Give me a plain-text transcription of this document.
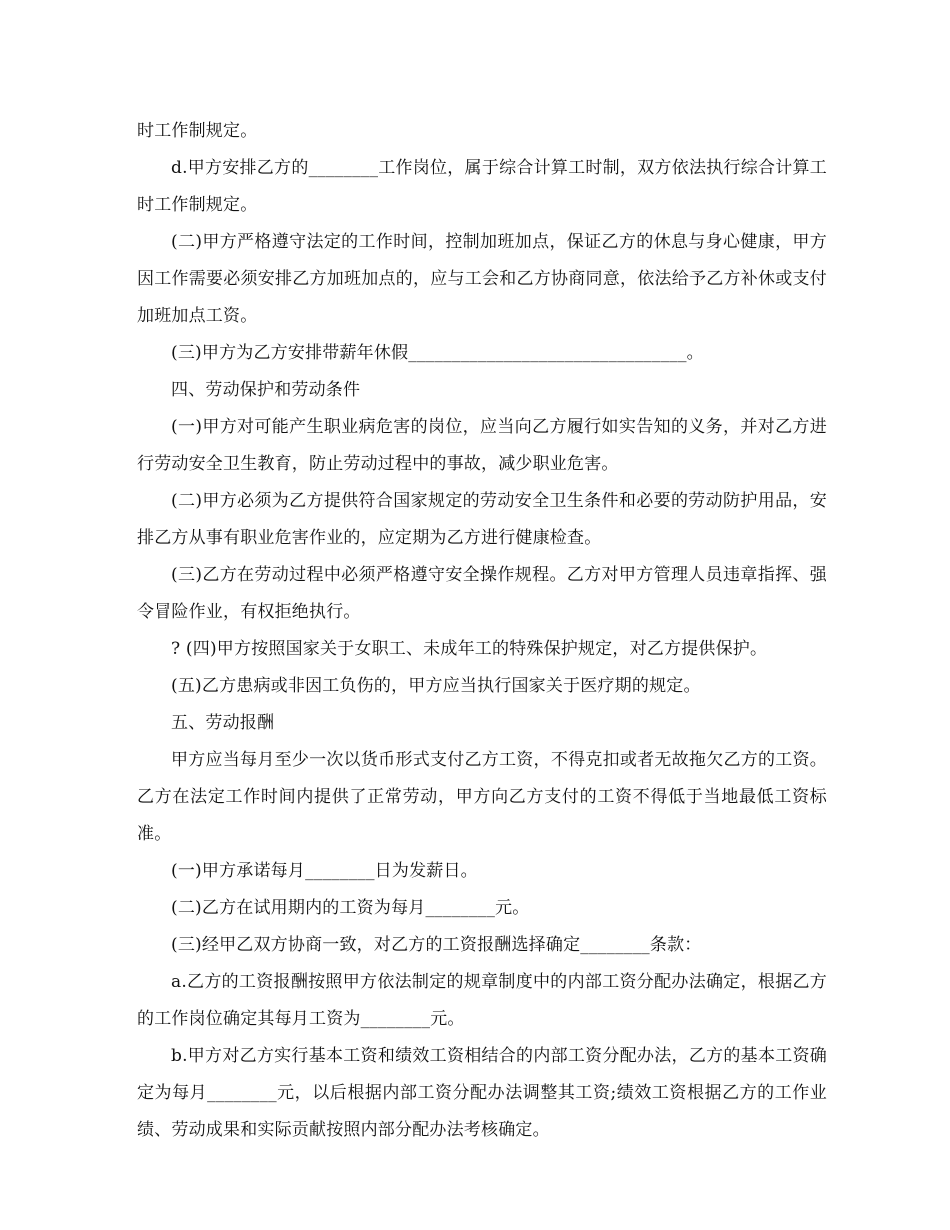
时工作制规定。

d.甲方安排乙方的________工作岗位，属于综合计算工时制，双方依法执行综合计算工时工作制规定。

(二)甲方严格遵守法定的工作时间，控制加班加点，保证乙方的休息与身心健康，甲方因工作需要必须安排乙方加班加点的，应与工会和乙方协商同意，依法给予乙方补休或支付加班加点工资。

(三)甲方为乙方安排带薪年休假________________________________。

四、劳动保护和劳动条件

(一)甲方对可能产生职业病危害的岗位，应当向乙方履行如实告知的义务，并对乙方进行劳动安全卫生教育，防止劳动过程中的事故，减少职业危害。

(二)甲方必须为乙方提供符合国家规定的劳动安全卫生条件和必要的劳动防护用品，安排乙方从事有职业危害作业的，应定期为乙方进行健康检查。

(三)乙方在劳动过程中必须严格遵守安全操作规程。乙方对甲方管理人员违章指挥、强令冒险作业，有权拒绝执行。

? (四)甲方按照国家关于女职工、未成年工的特殊保护规定，对乙方提供保护。

(五)乙方患病或非因工负伤的，甲方应当执行国家关于医疗期的规定。

五、劳动报酬

甲方应当每月至少一次以货币形式支付乙方工资，不得克扣或者无故拖欠乙方的工资。乙方在法定工作时间内提供了正常劳动，甲方向乙方支付的工资不得低于当地最低工资标准。

(一)甲方承诺每月________日为发薪日。

(二)乙方在试用期内的工资为每月________元。

(三)经甲乙双方协商一致，对乙方的工资报酬选择确定________条款：

a.乙方的工资报酬按照甲方依法制定的规章制度中的内部工资分配办法确定，根据乙方的工作岗位确定其每月工资为________元。

b.甲方对乙方实行基本工资和绩效工资相结合的内部工资分配办法，乙方的基本工资确定为每月________元，以后根据内部工资分配办法调整其工资;绩效工资根据乙方的工作业绩、劳动成果和实际贡献按照内部分配办法考核确定。
